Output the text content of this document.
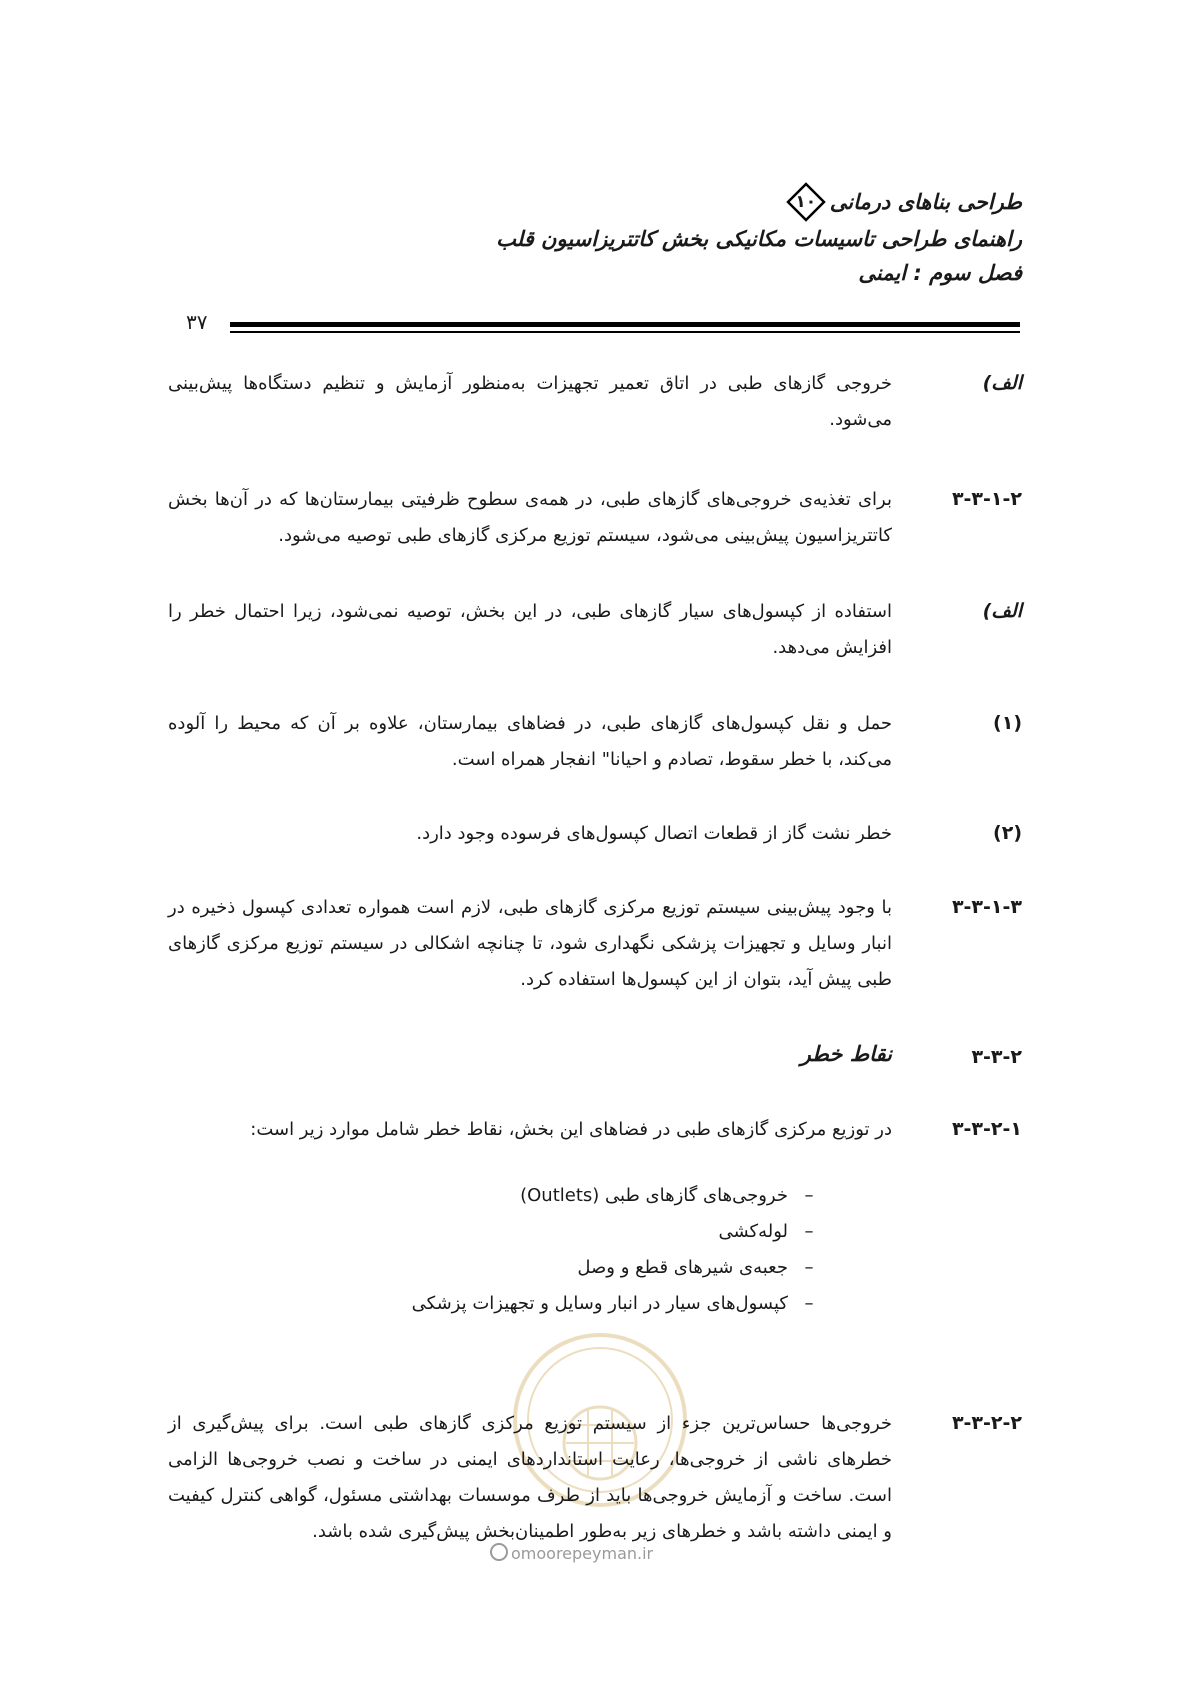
طراحی بناهای درمانی
۱۰
راهنمای طراحی تاسیسات مکانیکی بخش کاتتریزاسیون قلب
فصل سوم : ایمنی
۳۷
الف)
خروجی گازهای طبی در اتاق تعمیر تجهیزات به‌منظور آزمایش و تنظیم دستگاه‌ها پیش‌بینی می‌شود.
۳-۳-۱-۲
برای تغذیه‌ی خروجی‌های گازهای طبی، در همه‌ی سطوح ظرفیتی بیمارستان‌ها که در آن‌ها بخش کاتتریزاسیون پیش‌بینی می‌شود، سیستم توزیع مرکزی گازهای طبی توصیه می‌شود.
الف)
استفاده از کپسول‌های سیار گازهای طبی، در این بخش، توصیه نمی‌شود، زیرا احتمال خطر را افزایش می‌دهد.
(۱)
حمل و نقل کپسول‌های گازهای طبی، در فضاهای بیمارستان، علاوه بر آن که محیط را آلوده می‌کند، با خطر سقوط، تصادم و احیانا" انفجار همراه است.
(۲)
خطر نشت گاز از قطعات اتصال کپسول‌های فرسوده وجود دارد.
۳-۳-۱-۳
با وجود پیش‌بینی سیستم توزیع مرکزی گازهای طبی، لازم است همواره تعدادی کپسول ذخیره در انبار وسایل و تجهیزات پزشکی نگهداری شود، تا چنانچه اشکالی در سیستم توزیع مرکزی گازهای طبی پیش آید، بتوان از این کپسول‌ها استفاده کرد.
۳-۳-۲
نقاط خطر
۳-۳-۲-۱
در توزیع مرکزی گازهای طبی در فضاهای این بخش، نقاط خطر شامل موارد زیر است:
–خروجی‌های گازهای طبی (Outlets)
–لوله‌کشی
–جعبه‌ی شیرهای قطع و وصل
–کپسول‌های سیار در انبار وسایل و تجهیزات پزشکی
۳-۳-۲-۲
خروجی‌ها حساس‌ترین جزء از سیستم توزیع مرکزی گازهای طبی است. برای پیش‌گیری از خطرهای ناشی از خروجی‌ها، رعایت استانداردهای ایمنی در ساخت و نصب خروجی‌ها الزامی است. ساخت و آزمایش خروجی‌ها باید از طرف موسسات بهداشتی مسئول، گواهی کنترل کیفیت و ایمنی داشته باشد و خطرهای زیر به‌طور اطمینان‌بخش پیش‌گیری شده باشد.
omoorepeyman.ir
